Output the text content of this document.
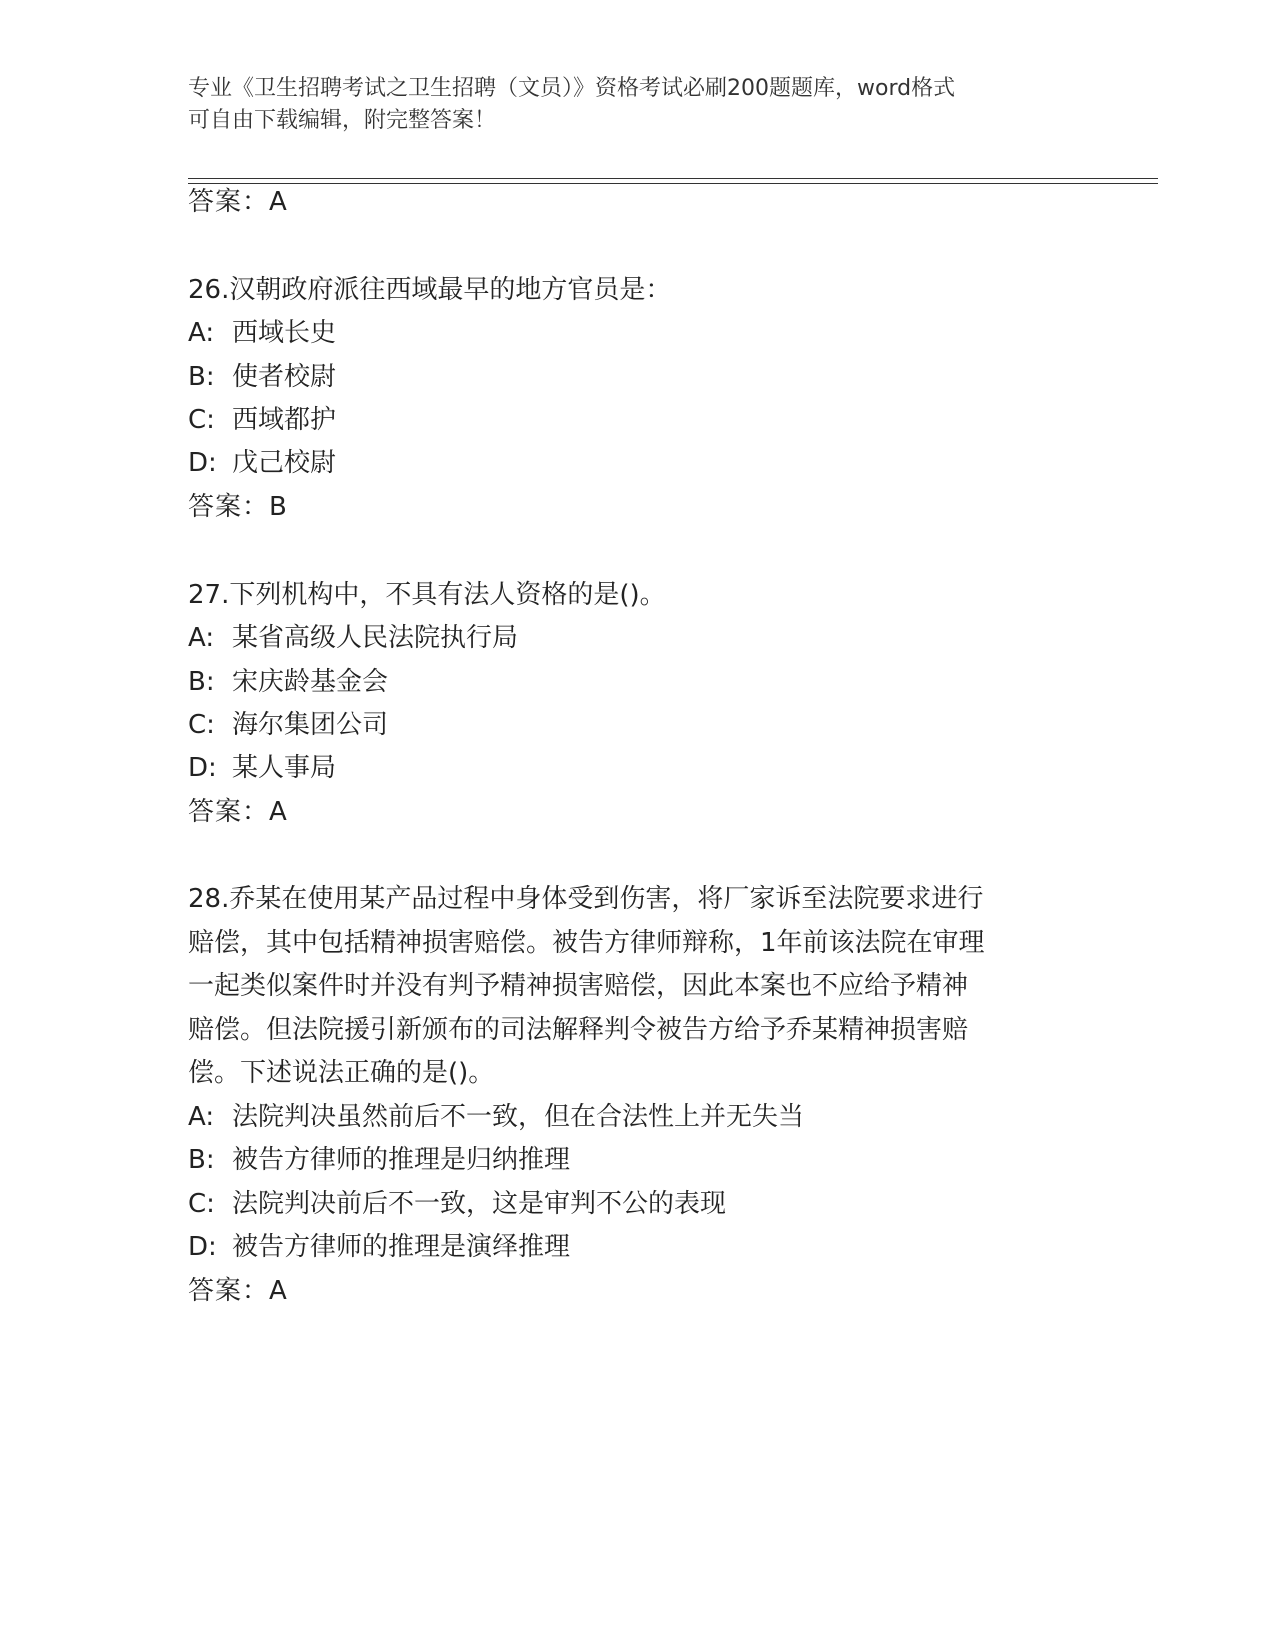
专业《卫生招聘考试之卫生招聘（文员）》资格考试必刷200题题库，word格式
可自由下载编辑，附完整答案！
答案：A
26.汉朝政府派往西域最早的地方官员是：
A: 西域长史
B: 使者校尉
C: 西域都护
D: 戊己校尉
答案：B
27.下列机构中，不具有法人资格的是()。
A: 某省高级人民法院执行局
B: 宋庆龄基金会
C: 海尔集团公司
D: 某人事局
答案：A
28.乔某在使用某产品过程中身体受到伤害，将厂家诉至法院要求进行
赔偿，其中包括精神损害赔偿。被告方律师辩称，1年前该法院在审理
一起类似案件时并没有判予精神损害赔偿，因此本案也不应给予精神
赔偿。但法院援引新颁布的司法解释判令被告方给予乔某精神损害赔
偿。下述说法正确的是()。
A: 法院判决虽然前后不一致，但在合法性上并无失当
B: 被告方律师的推理是归纳推理
C: 法院判决前后不一致，这是审判不公的表现
D: 被告方律师的推理是演绎推理
答案：A
